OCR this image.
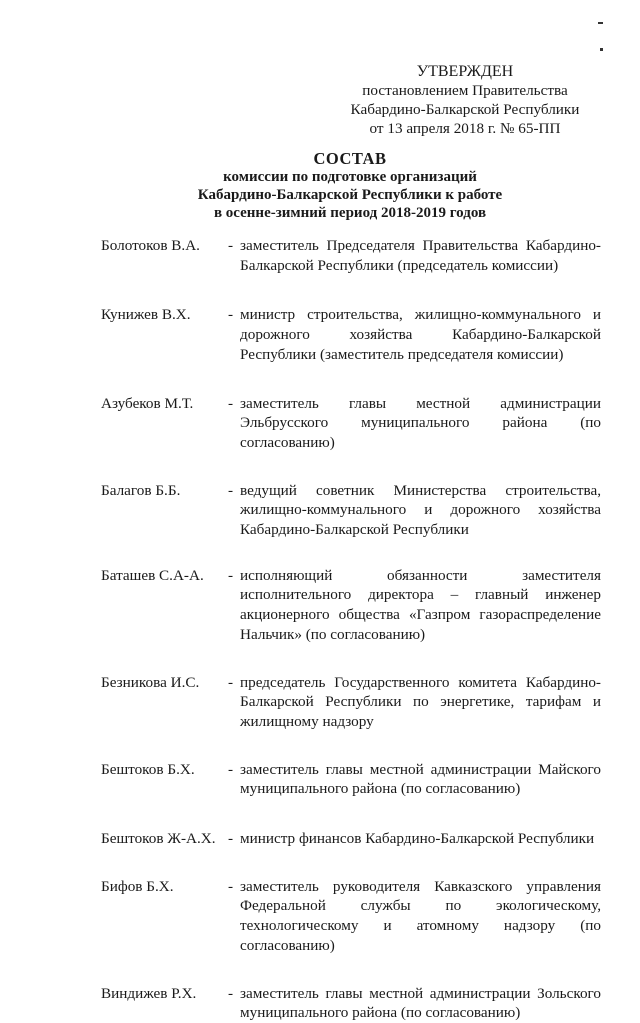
УТВЕРЖДЕН
постановлением Правительства
Кабардино-Балкарской Республики
от 13 апреля 2018 г. № 65-ПП
СОСТАВ
комиссии по подготовке организаций
Кабардино-Балкарской Республики к работе
в осенне-зимний период 2018-2019 годов
Болотоков В.А.	- заместитель Председателя Правительства Кабардино-Балкарской Республики (председатель комиссии)
Кунижев В.Х.	- министр строительства, жилищно-коммунального и дорожного хозяйства Кабардино-Балкарской Республики (заместитель председателя комиссии)
Азубеков М.Т.	- заместитель главы местной администрации Эльбрусского муниципального района (по согласованию)
Балагов Б.Б.	- ведущий советник Министерства строительства, жилищно-коммунального и дорожного хозяйства Кабардино-Балкарской Республики
Баташев С.А-А.	- исполняющий обязанности заместителя исполнительного директора – главный инженер акционерного общества «Газпром газораспределение Нальчик» (по согласованию)
Безникова И.С.	- председатель Государственного комитета Кабардино-Балкарской Республики по энергетике, тарифам и жилищному надзору
Бештоков Б.Х.	- заместитель главы местной администрации Майского муниципального района (по согласованию)
Бештоков Ж-А.Х. - министр финансов Кабардино-Балкарской Республики
Бифов Б.Х.	- заместитель руководителя Кавказского управления Федеральной службы по экологическому, технологическому и атомному надзору (по согласованию)
Виндижев Р.Х.	- заместитель главы местной администрации Зольского муниципального района (по согласованию)
